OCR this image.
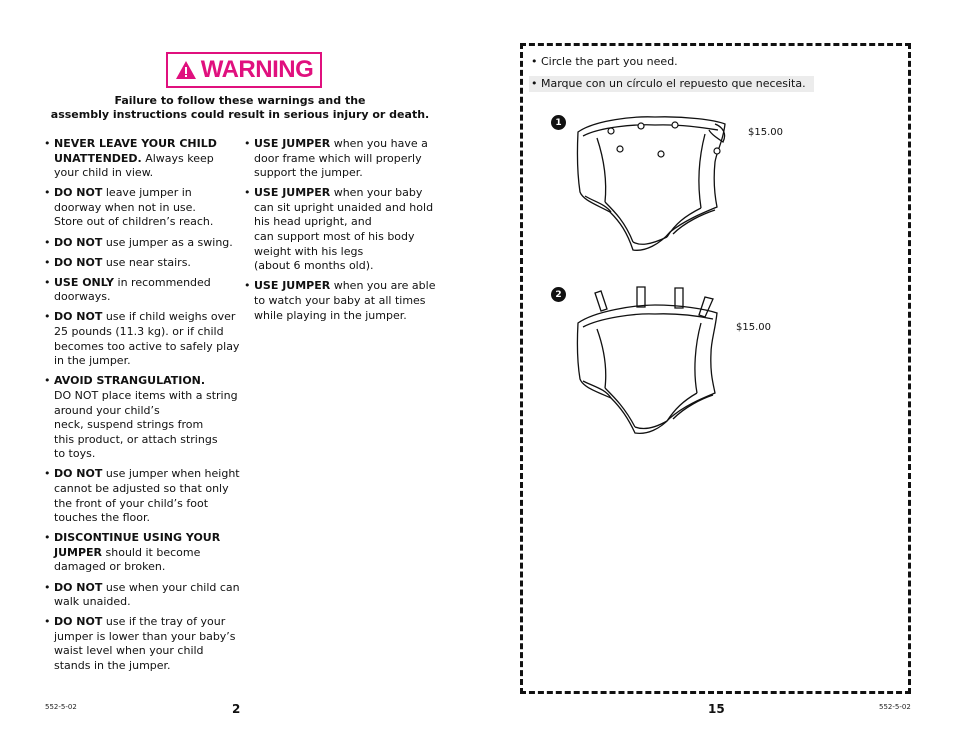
WARNING
Failure to follow these warnings and the
assembly instructions could result in serious injury or death.
• NEVER LEAVE YOUR CHILD UNATTENDED. Always keep your child in view.
• DO NOT leave jumper in doorway when not in use.
Store out of children’s reach.
• DO NOT use jumper as a swing.
• DO NOT use near stairs.
• USE ONLY in recommended doorways.
• DO NOT use if child weighs over 25 pounds (11.3 kg). or if child becomes too active to safely play in the jumper.
• AVOID STRANGULATION.
DO NOT place items with a string around your child’s
neck, suspend strings from
this product, or attach strings
to toys.
• DO NOT use jumper when height cannot be adjusted so that only the front of your child’s foot touches the floor.
• DISCONTINUE USING YOUR JUMPER should it become damaged or broken.
• DO NOT use when your child can walk unaided.
• DO NOT use if the tray of your jumper is lower than your baby’s waist level when your child stands in the jumper.
• USE JUMPER when you have a door frame which will properly support the jumper.
• USE JUMPER when your baby can sit upright unaided and hold his head upright, and
can support most of his body weight with his legs
(about 6 months old).
• USE JUMPER when you are able to watch your baby at all times while playing in the jumper.
552-5-02	2
• Circle the part you need.
• Marque con un círculo el repuesto que necesita.
1
$15.00
2
$15.00
15	552-5-02
